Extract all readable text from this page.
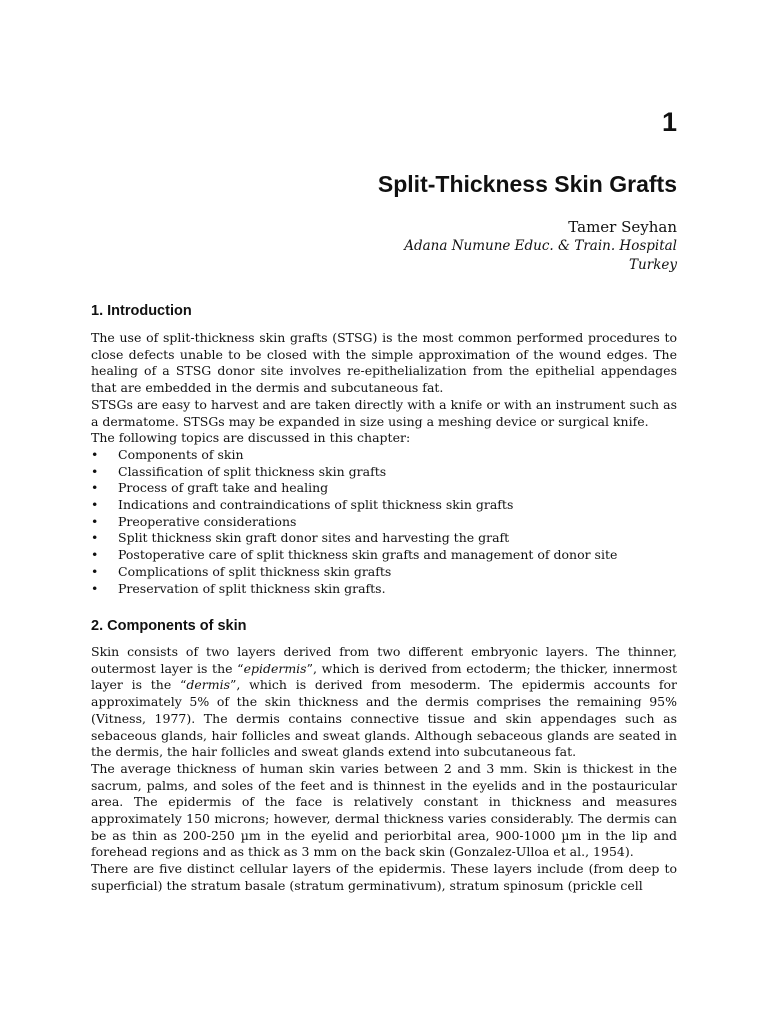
1
Split-Thickness Skin Grafts
Tamer Seyhan
Adana Numune Educ. & Train. Hospital
Turkey
1. Introduction

The use of split-thickness skin grafts (STSG) is the most common performed procedures to close defects unable to be closed with the simple approximation of the wound edges. The healing of a STSG donor site involves re-epithelialization from the epithelial appendages that are embedded in the dermis and subcutaneous fat.

STSGs are easy to harvest and are taken directly with a knife or with an instrument such as a dermatome. STSGs may be expanded in size using a meshing device or surgical knife.

The following topics are discussed in this chapter:

• Components of skin
• Classification of split thickness skin grafts
• Process of graft take and healing
• Indications and contraindications of split thickness skin grafts
• Preoperative considerations
• Split thickness skin graft donor sites and harvesting the graft
• Postoperative care of split thickness skin grafts and management of donor site
• Complications of split thickness skin grafts
• Preservation of split thickness skin grafts.
2. Components of skin

Skin consists of two layers derived from two different embryonic layers. The thinner, outermost layer is the “epidermis”, which is derived from ectoderm; the thicker, innermost layer is the “dermis”, which is derived from mesoderm. The epidermis accounts for approximately 5% of the skin thickness and the dermis comprises the remaining 95% (Vitness, 1977). The dermis contains connective tissue and skin appendages such as sebaceous glands, hair follicles and sweat glands. Although sebaceous glands are seated in the dermis, the hair follicles and sweat glands extend into subcutaneous fat.

The average thickness of human skin varies between 2 and 3 mm. Skin is thickest in the sacrum, palms, and soles of the feet and is thinnest in the eyelids and in the postauricular area. The epidermis of the face is relatively constant in thickness and measures approximately 150 microns; however, dermal thickness varies considerably. The dermis can be as thin as 200-250 µm in the eyelid and periorbital area, 900-1000 µm in the lip and forehead regions and as thick as 3 mm on the back skin (Gonzalez-Ulloa et al., 1954).

There are five distinct cellular layers of the epidermis. These layers include (from deep to superficial) the stratum basale (stratum germinativum), stratum spinosum (prickle cell
